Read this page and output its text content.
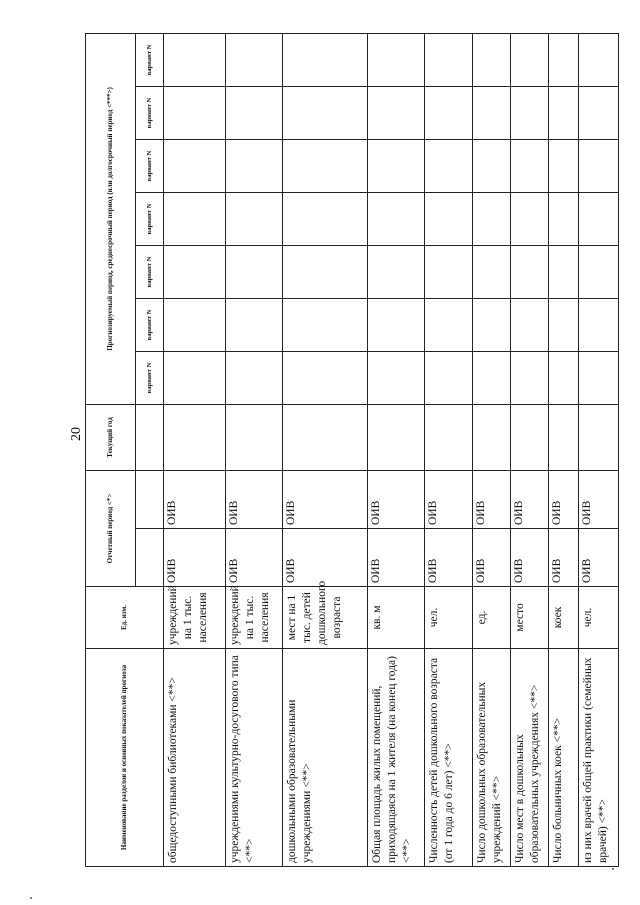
20
Наименование разделов и основных показателей прогноза	Ед. изм.	Отчетный период <*>		Текущий год	Прогнозируемый период, среднесрочный период (или долгосрочный период <***>)						
					вариант N	вариант N	вариант N	вариант N	вариант N	вариант N	вариант N
общедоступными библиотеками <**>	учреждений на 1 тыс. населения	ОИВ	ОИВ								
учреждениями культурно-досугового типа <**>	учреждений на 1 тыс. населения	ОИВ	ОИВ								
дошкольными образовательными учреждениями <**>	мест на 1 тыс. детей дошкольного возраста	ОИВ	ОИВ								
Общая площадь жилых помещений, приходящаяся на 1 жителя (на конец года) <**>	кв. м	ОИВ	ОИВ								
Численность детей дошкольного возраста (от 1 года до 6 лет) <**>	чел.	ОИВ	ОИВ								
Число дошкольных образовательных учреждений <**>	ед.	ОИВ	ОИВ								
Число мест в дошкольных образовательных учреждениях <**>	место	ОИВ	ОИВ								
Число больничных коек <**>	коек	ОИВ	ОИВ								
из них врачей общей практики (семейных врачей) <**>	чел.	ОИВ	ОИВ								
